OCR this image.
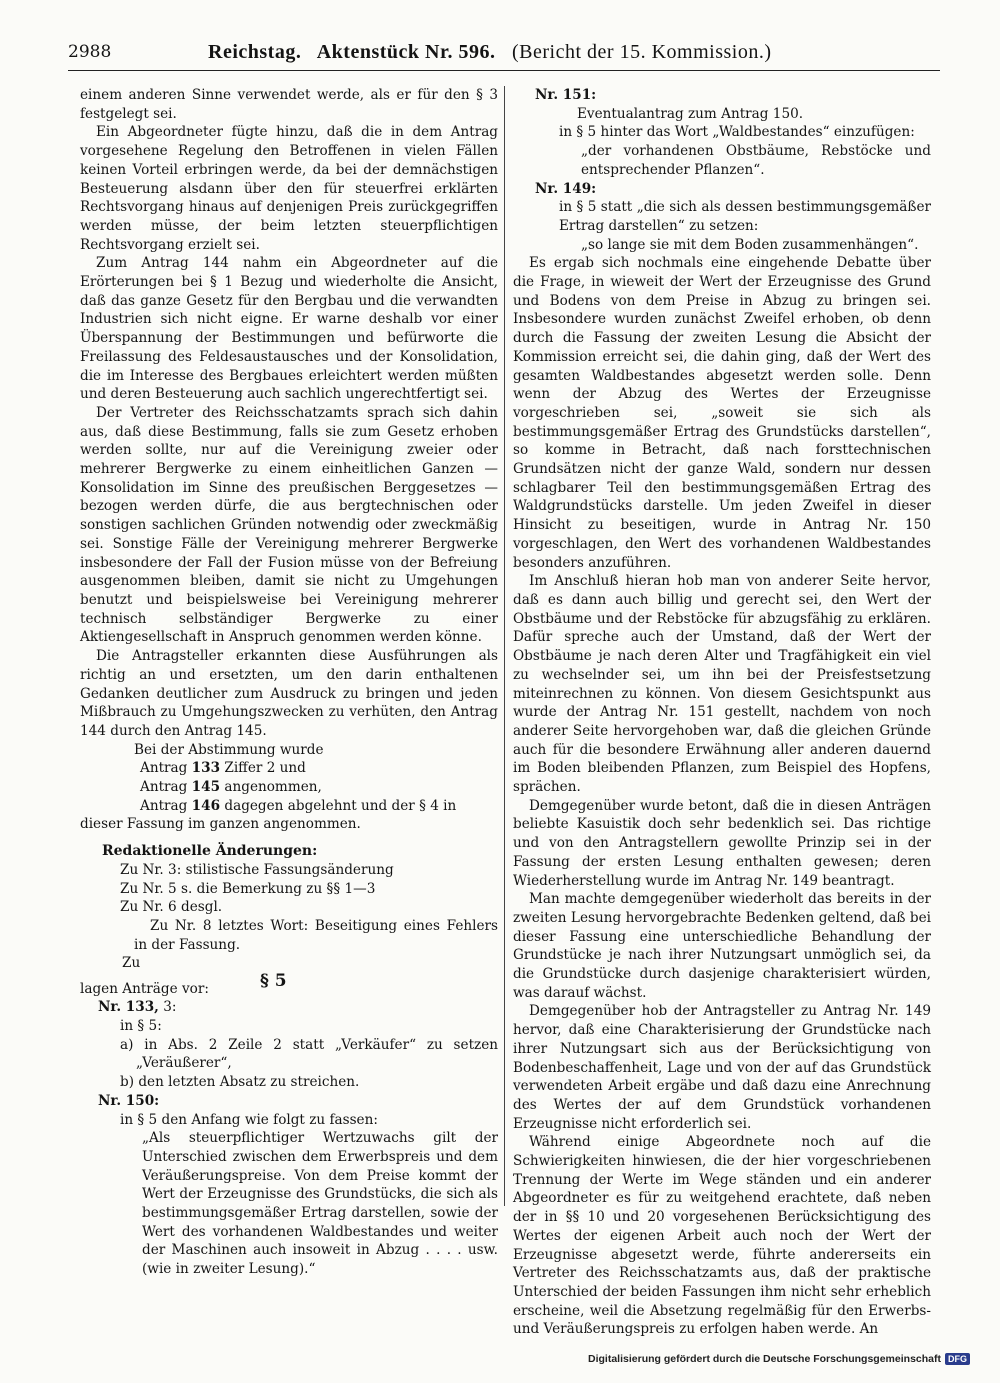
2988	Reichstag. Aktenstück Nr. 596. (Bericht der 15. Kommission.)

einem anderen Sinne verwendet werde, als er für den § 3 festgelegt sei.

Ein Abgeordneter fügte hinzu, daß die in dem Antrag vorgesehene Regelung den Betroffenen in vielen Fällen keinen Vorteil erbringen werde, da bei der demnächstigen Besteuerung alsdann über den für steuerfrei erklärten Rechtsvorgang hinaus auf denjenigen Preis zurückgegriffen werden müsse, der beim letzten steuerpflichtigen Rechtsvorgang erzielt sei.

Zum Antrag 144 nahm ein Abgeordneter auf die Erörterungen bei § 1 Bezug und wiederholte die Ansicht, daß das ganze Gesetz für den Bergbau und die verwandten Industrien sich nicht eigne. Er warne deshalb vor einer Überspannung der Bestimmungen und befürworte die Freilassung des Feldesaustausches und der Konsolidation, die im Interesse des Bergbaues erleichtert werden müßten und deren Besteuerung auch sachlich ungerechtfertigt sei.

Der Vertreter des Reichsschatzamts sprach sich dahin aus, daß diese Bestimmung, falls sie zum Gesetz erhoben werden sollte, nur auf die Vereinigung zweier oder mehrerer Bergwerke zu einem einheitlichen Ganzen — Konsolidation im Sinne des preußischen Berggesetzes — bezogen werden dürfe, die aus bergtechnischen oder sonstigen sachlichen Gründen notwendig oder zweckmäßig sei. Sonstige Fälle der Vereinigung mehrerer Bergwerke insbesondere der Fall der Fusion müsse von der Befreiung ausgenommen bleiben, damit sie nicht zu Umgehungen benutzt und beispielsweise bei Vereinigung mehrerer technisch selbständiger Bergwerke zu einer Aktiengesellschaft in Anspruch genommen werden könne.

Die Antragsteller erkannten diese Ausführungen als richtig an und ersetzten, um den darin enthaltenen Gedanken deutlicher zum Ausdruck zu bringen und jeden Mißbrauch zu Umgehungszwecken zu verhüten, den Antrag 144 durch den Antrag 145.

Bei der Abstimmung wurde

Antrag 133 Ziffer 2 und

Antrag 145 angenommen,

Antrag 146 dagegen abgelehnt und der § 4 in

dieser Fassung im ganzen angenommen.

Redaktionelle Änderungen:

Zu Nr. 3: stilistische Fassungsänderung

Zu Nr. 5 s. die Bemerkung zu §§ 1—3

Zu Nr. 6 desgl.

Zu Nr. 8 letztes Wort: Beseitigung eines Fehlers in der Fassung.

Zu
§ 5
lagen Anträge vor:

Nr. 133, 3:

in § 5:

a) in Abs. 2 Zeile 2 statt „Verkäufer“ zu setzen „Veräußerer“,

b) den letzten Absatz zu streichen.

Nr. 150:

in § 5 den Anfang wie folgt zu fassen:

„Als steuerpflichtiger Wertzuwachs gilt der Unterschied zwischen dem Erwerbspreis und dem Veräußerungspreise. Von dem Preise kommt der Wert der Erzeugnisse des Grundstücks, die sich als bestimmungsgemäßer Ertrag darstellen, sowie der Wert des vorhandenen Waldbestandes und weiter der Maschinen auch insoweit in Abzug . . . . usw. (wie in zweiter Lesung).“

Nr. 151:

Eventualantrag zum Antrag 150.

in § 5 hinter das Wort „Waldbestandes“ einzufügen:

„der vorhandenen Obstbäume, Rebstöcke und entsprechender Pflanzen“.

Nr. 149:

in § 5 statt „die sich als dessen bestimmungsgemäßer Ertrag darstellen“ zu setzen:

„so lange sie mit dem Boden zusammenhängen“.

Es ergab sich nochmals eine eingehende Debatte über die Frage, in wieweit der Wert der Erzeugnisse des Grund und Bodens von dem Preise in Abzug zu bringen sei. Insbesondere wurden zunächst Zweifel erhoben, ob denn durch die Fassung der zweiten Lesung die Absicht der Kommission erreicht sei, die dahin ging, daß der Wert des gesamten Waldbestandes abgesetzt werden solle. Denn wenn der Abzug des Wertes der Erzeugnisse vorgeschrieben sei, „soweit sie sich als bestimmungsgemäßer Ertrag des Grundstücks darstellen“, so komme in Betracht, daß nach forsttechnischen Grundsätzen nicht der ganze Wald, sondern nur dessen schlagbarer Teil den bestimmungsgemäßen Ertrag des Waldgrundstücks darstelle. Um jeden Zweifel in dieser Hinsicht zu beseitigen, wurde in Antrag Nr. 150 vorgeschlagen, den Wert des vorhandenen Waldbestandes besonders anzuführen.

Im Anschluß hieran hob man von anderer Seite hervor, daß es dann auch billig und gerecht sei, den Wert der Obstbäume und der Rebstöcke für abzugsfähig zu erklären. Dafür spreche auch der Umstand, daß der Wert der Obstbäume je nach deren Alter und Tragfähigkeit ein viel zu wechselnder sei, um ihn bei der Preisfestsetzung miteinrechnen zu können. Von diesem Gesichtspunkt aus wurde der Antrag Nr. 151 gestellt, nachdem von noch anderer Seite hervorgehoben war, daß die gleichen Gründe auch für die besondere Erwähnung aller anderen dauernd im Boden bleibenden Pflanzen, zum Beispiel des Hopfens, sprächen.

Demgegenüber wurde betont, daß die in diesen Anträgen beliebte Kasuistik doch sehr bedenklich sei. Das richtige und von den Antragstellern gewollte Prinzip sei in der Fassung der ersten Lesung enthalten gewesen; deren Wiederherstellung wurde im Antrag Nr. 149 beantragt.

Man machte demgegenüber wiederholt das bereits in der zweiten Lesung hervorgebrachte Bedenken geltend, daß bei dieser Fassung eine unterschiedliche Behandlung der Grundstücke je nach ihrer Nutzungsart unmöglich sei, da die Grundstücke durch dasjenige charakterisiert würden, was darauf wächst.

Demgegenüber hob der Antragsteller zu Antrag Nr. 149 hervor, daß eine Charakterisierung der Grundstücke nach ihrer Nutzungsart sich aus der Berücksichtigung von Bodenbeschaffenheit, Lage und von der auf das Grundstück verwendeten Arbeit ergäbe und daß dazu eine Anrechnung des Wertes der auf dem Grundstück vorhandenen Erzeugnisse nicht erforderlich sei.

Während einige Abgeordnete noch auf die Schwierigkeiten hinwiesen, die der hier vorgeschriebenen Trennung der Werte im Wege ständen und ein anderer Abgeordneter es für zu weitgehend erachtete, daß neben der in §§ 10 und 20 vorgesehenen Berücksichtigung des Wertes der eigenen Arbeit auch noch der Wert der Erzeugnisse abgesetzt werde, führte andererseits ein Vertreter des Reichsschatzamts aus, daß der praktische Unterschied der beiden Fassungen ihm nicht sehr erheblich erscheine, weil die Absetzung regelmäßig für den Erwerbs- und Veräußerungspreis zu erfolgen haben werde. An

Digitalisierung gefördert durch die Deutsche Forschungsgemeinschaft DFG
